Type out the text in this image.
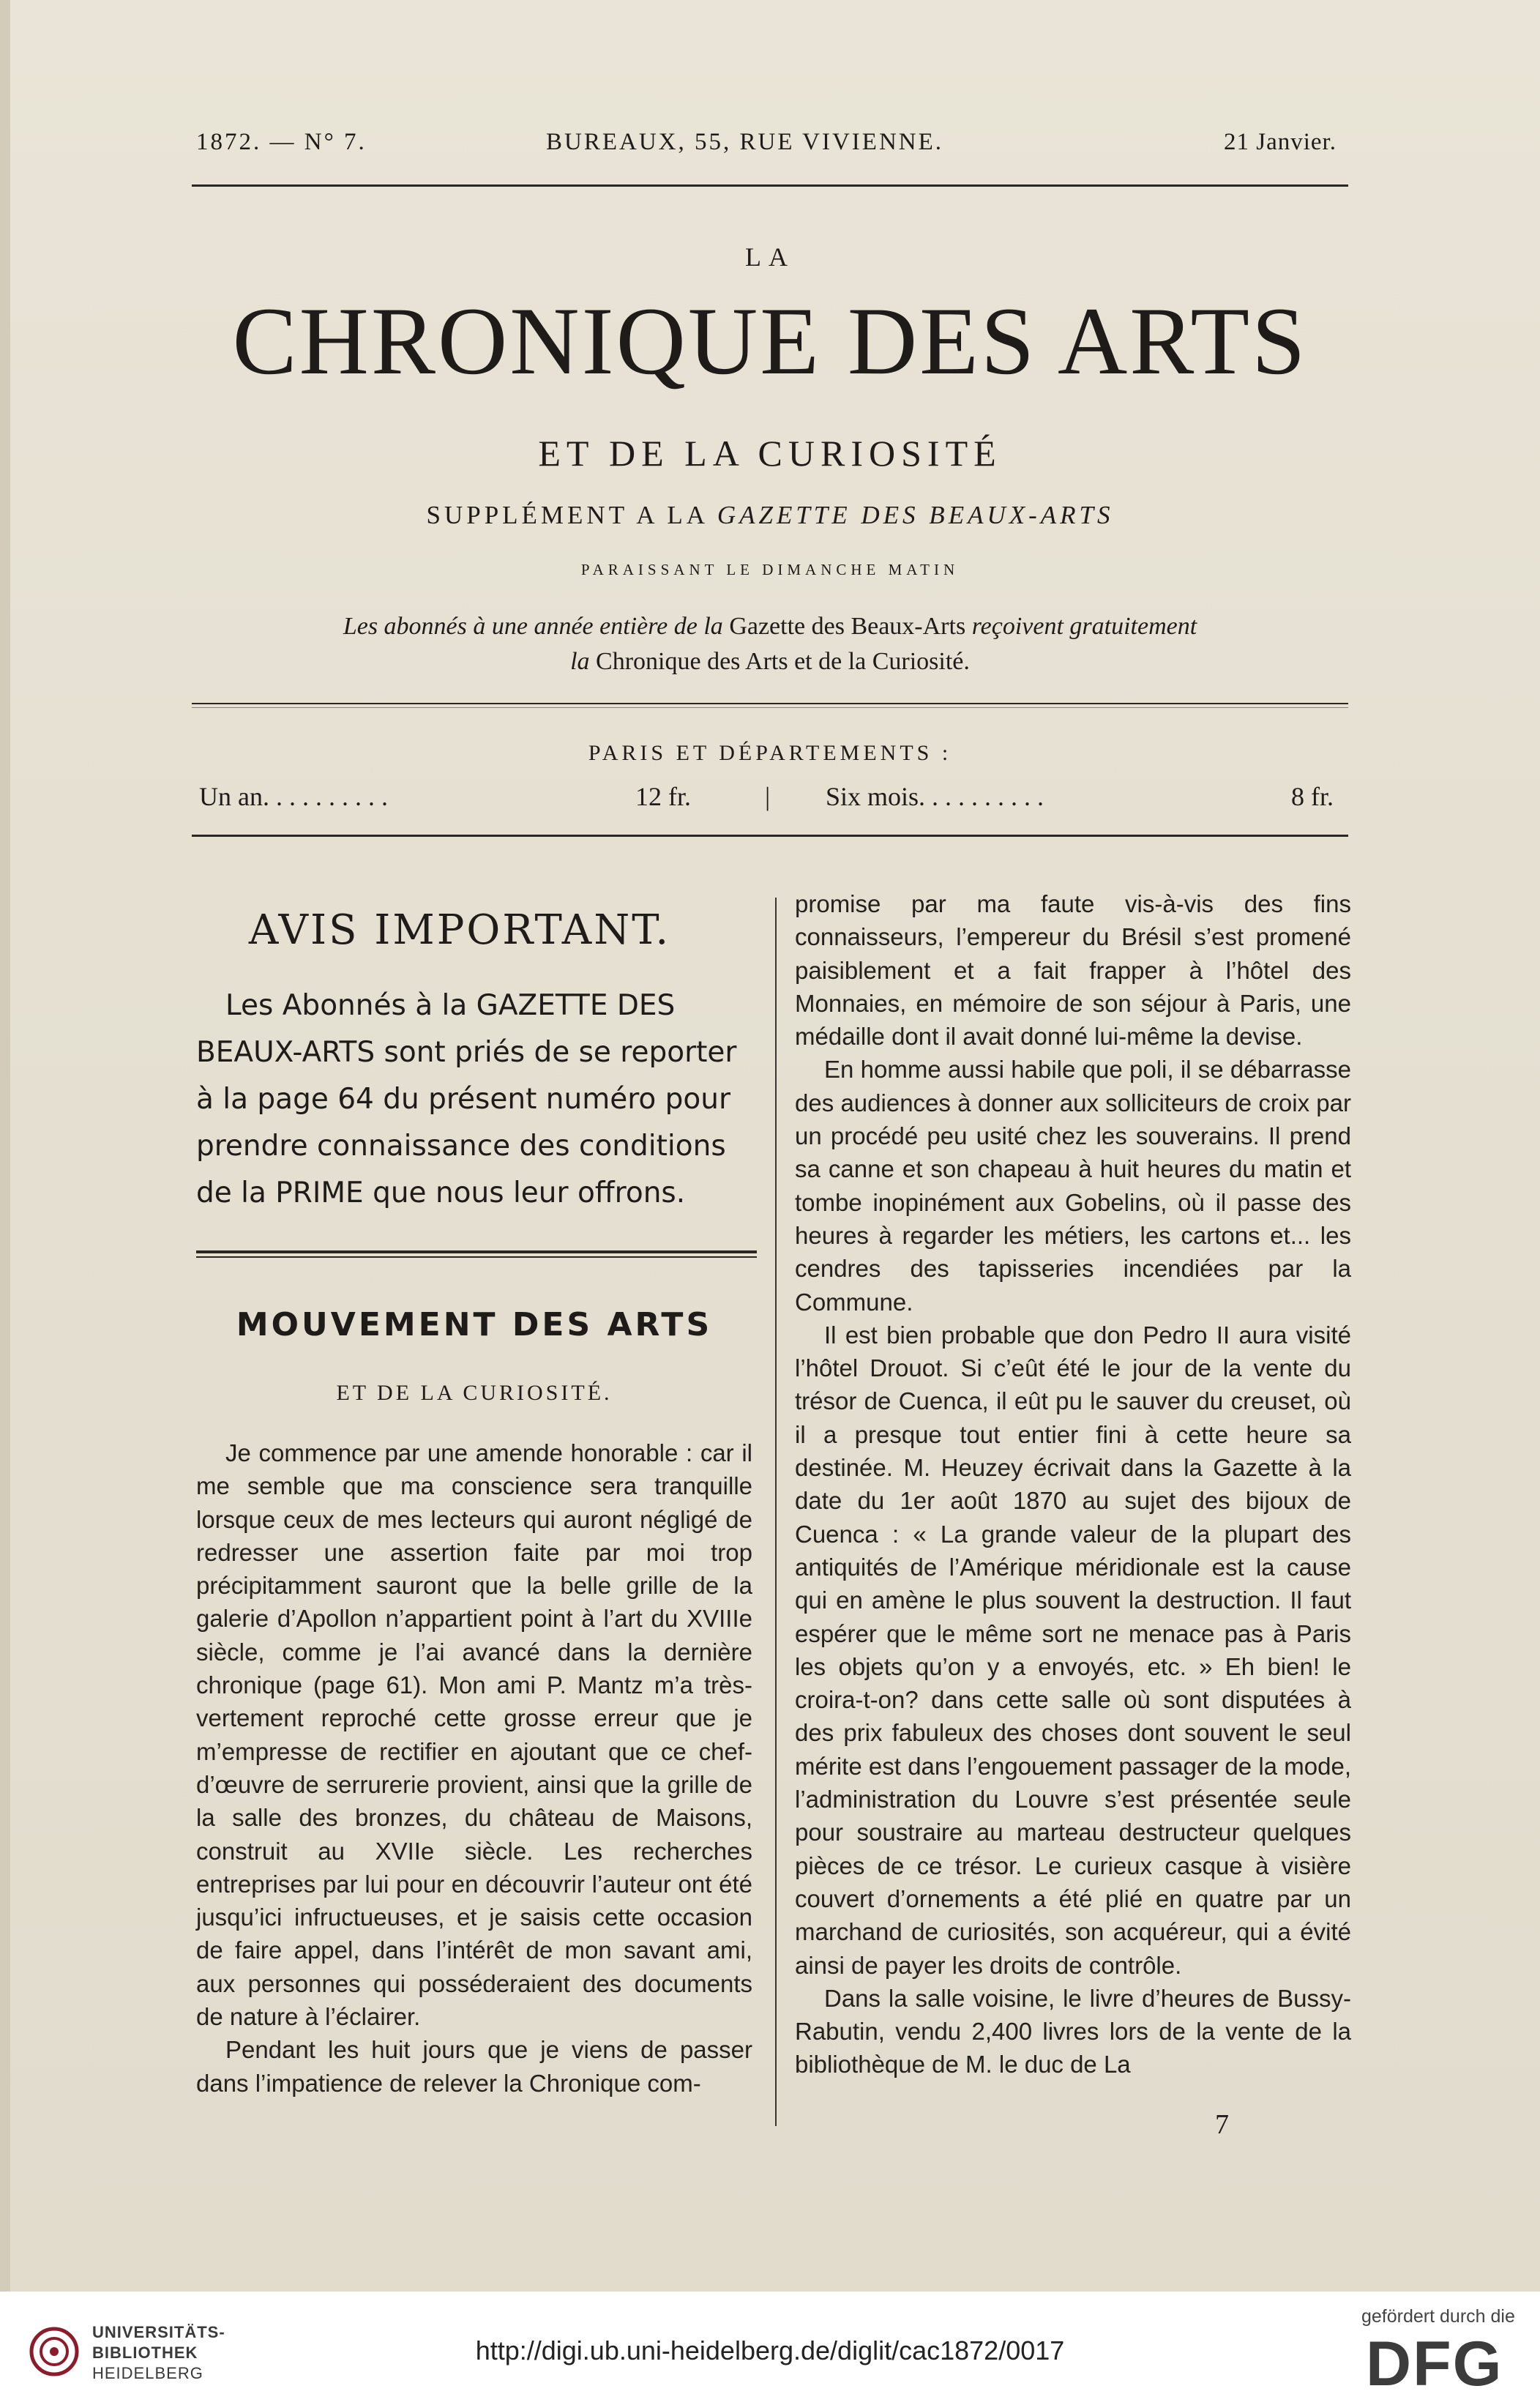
1872. — N° 7.	BUREAUX, 55, RUE VIVIENNE.	21 Janvier.
LA
CHRONIQUE DES ARTS
ET DE LA CURIOSITÉ
SUPPLÉMENT A LA GAZETTE DES BEAUX-ARTS
PARAISSANT LE DIMANCHE MATIN
Les abonnés à une année entière de la Gazette des Beaux-Arts reçoivent gratuitement
la Chronique des Arts et de la Curiosité.
PARIS ET DÉPARTEMENTS :
Un an. . . . . . . . . .	12 fr.	| Six mois. . . . . . . . . .	8 fr.
AVIS IMPORTANT.
Les Abonnés à la GAZETTE DES
BEAUX-ARTS sont priés de se reporter
à la page 64 du présent numéro pour
prendre connaissance des conditions
de la PRIME que nous leur offrons.
MOUVEMENT DES ARTS
ET DE LA CURIOSITÉ.

Je commence par une amende honorable : car il me semble que ma conscience sera tranquille lorsque ceux de mes lecteurs qui auront négligé de redresser une assertion faite par moi trop précipitamment sauront que la belle grille de la galerie d’Apollon n’appartient point à l’art du XVIIIe siècle, comme je l’ai avancé dans la dernière chronique (page 61). Mon ami P. Mantz m’a très-vertement reproché cette grosse erreur que je m’empresse de rectifier en ajoutant que ce chef-d’œuvre de serrurerie provient, ainsi que la grille de la salle des bronzes, du château de Maisons, construit au XVIIe siècle. Les recherches entreprises par lui pour en découvrir l’auteur ont été jusqu’ici infructueuses, et je saisis cette occasion de faire appel, dans l’intérêt de mon savant ami, aux personnes qui posséderaient des documents de nature à l’éclairer.

Pendant les huit jours que je viens de passer dans l’impatience de relever la Chronique com-

promise par ma faute vis-à-vis des fins connaisseurs, l’empereur du Brésil s’est promené paisiblement et a fait frapper à l’hôtel des Monnaies, en mémoire de son séjour à Paris, une médaille dont il avait donné lui-même la devise.

En homme aussi habile que poli, il se débarrasse des audiences à donner aux solliciteurs de croix par un procédé peu usité chez les souverains. Il prend sa canne et son chapeau à huit heures du matin et tombe inopinément aux Gobelins, où il passe des heures à regarder les métiers, les cartons et... les cendres des tapisseries incendiées par la Commune.

Il est bien probable que don Pedro II aura visité l’hôtel Drouot. Si c’eût été le jour de la vente du trésor de Cuenca, il eût pu le sauver du creuset, où il a presque tout entier fini à cette heure sa destinée. M. Heuzey écrivait dans la Gazette à la date du 1er août 1870 au sujet des bijoux de Cuenca : « La grande valeur de la plupart des antiquités de l’Amérique méridionale est la cause qui en amène le plus souvent la destruction. Il faut espérer que le même sort ne menace pas à Paris les objets qu’on y a envoyés, etc. » Eh bien! le croira-t-on? dans cette salle où sont disputées à des prix fabuleux des choses dont souvent le seul mérite est dans l’engouement passager de la mode, l’administration du Louvre s’est présentée seule pour soustraire au marteau destructeur quelques pièces de ce trésor. Le curieux casque à visière couvert d’ornements a été plié en quatre par un marchand de curiosités, son acquéreur, qui a évité ainsi de payer les droits de contrôle.

Dans la salle voisine, le livre d’heures de Bussy-Rabutin, vendu 2,400 livres lors de la vente de la bibliothèque de M. le duc de La

7
UNIVERSITÄTS-
BIBLIOTHEK
HEIDELBERG
http://digi.ub.uni-heidelberg.de/diglit/cac1872/0017
gefördert durch die
DFG
